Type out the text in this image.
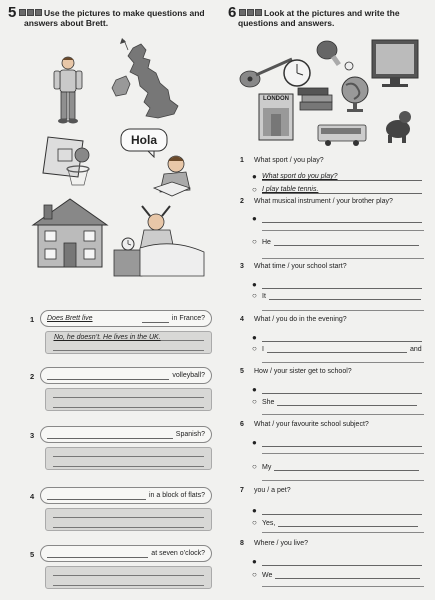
5	Use the pictures to make questions and
answers about Brett.
Hola
1 Does Brett live	in France?
No, he doesn’t. He lives in the UK.
2	volleyball?
3	Spanish?
4	in a block of flats?
5	at seven o’clock?
6	Look at the pictures and write the
questions and answers.
LONDON
1 What sport / you play?
● What sport do you play?
○ I play table tennis.
2 What musical instrument / your brother play?
●
○ He
3 What time / your school start?
●
○ It
4 What / you do in the evening?
●
○ I	and
5 How / your sister get to school?
●
○ She
6 What / your favourite school subject?
●
○ My
7 you / a pet?
●
○ Yes,
8 Where / you live?
●
○ We
